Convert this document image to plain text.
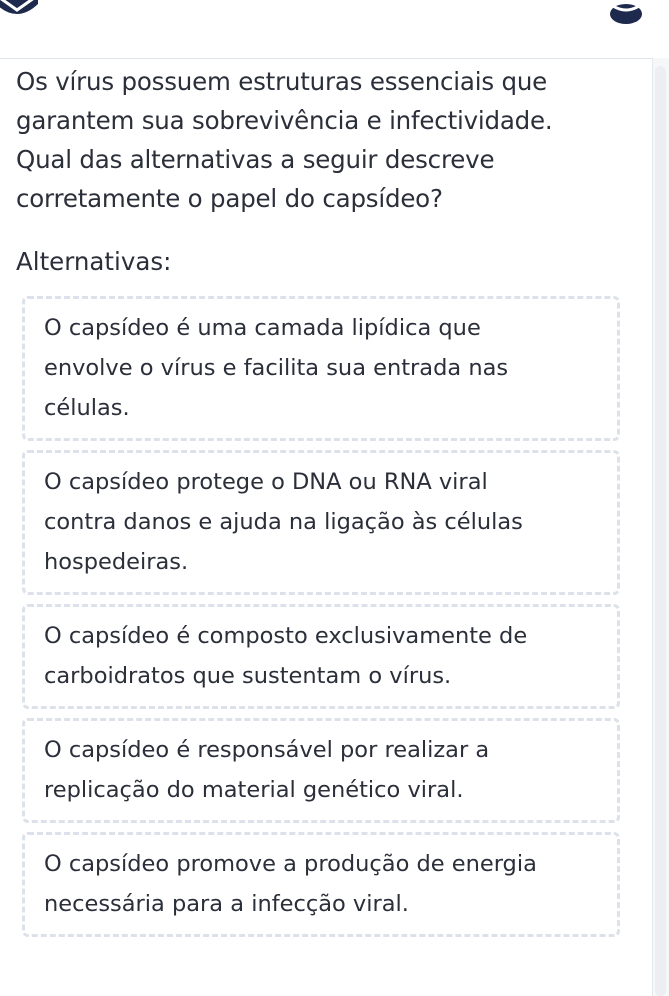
Os vírus possuem estruturas essenciais que
garantem sua sobrevivência e infectividade.
Qual das alternativas a seguir descreve
corretamente o papel do capsídeo?

Alternativas:

O capsídeo é uma camada lipídica que
envolve o vírus e facilita sua entrada nas
células.
O capsídeo protege o DNA ou RNA viral
contra danos e ajuda na ligação às células
hospedeiras.
O capsídeo é composto exclusivamente de
carboidratos que sustentam o vírus.
O capsídeo é responsável por realizar a
replicação do material genético viral.
O capsídeo promove a produção de energia
necessária para a infecção viral.
